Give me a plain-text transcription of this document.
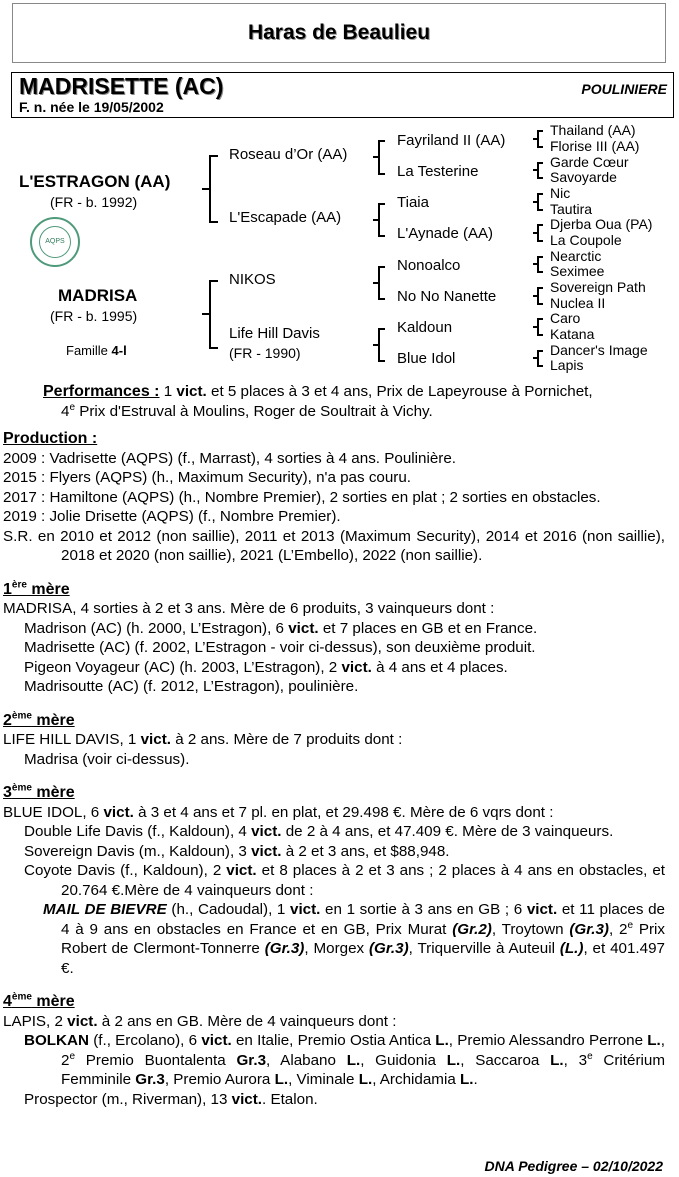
Haras de Beaulieu
MADRISETTE (AC)
F. n. née le 19/05/2002
POULINIERE
L'ESTRAGON (AA)
(FR - b. 1992)
AQPS
MADRISA
(FR - b. 1995)
Famille 4-l
Roseau d’Or (AA)
L'Escapade (AA)
NIKOS
Life Hill Davis
(FR - 1990)
Fayriland II (AA)
La Testerine
Tiaia
L'Aynade (AA)
Nonoalco
No No Nanette
Kaldoun
Blue Idol
Thailand (AA)
Florise III (AA)
Garde Cœur
Savoyarde
Nic
Tautira
Djerba Oua (PA)
La Coupole
Nearctic
Seximee
Sovereign Path
Nuclea II
Caro
Katana
Dancer's Image
Lapis

Performances : 1 vict. et 5 places à 3 et 4 ans, Prix de Lapeyrouse à Pornichet,
4e Prix d'Estruval à Moulins, Roger de Soultrait à Vichy.

Production :

2009 : Vadrisette (AQPS) (f., Marrast), 4 sorties à 4 ans. Poulinière.

2015 : Flyers (AQPS) (h., Maximum Security), n'a pas couru.

2017 : Hamiltone (AQPS) (h., Nombre Premier), 2 sorties en plat ; 2 sorties en obstacles.

2019 : Jolie Drisette (AQPS) (f., Nombre Premier).

S.R. en 2010 et 2012 (non saillie), 2011 et 2013 (Maximum Security), 2014 et 2016 (non saillie), 2018 et 2020 (non saillie), 2021 (L’Embello), 2022 (non saillie).

1ère mère

MADRISA, 4 sorties à 2 et 3 ans. Mère de 6 produits, 3 vainqueurs dont :

Madrison (AC) (h. 2000, L’Estragon), 6 vict. et 7 places en GB et en France.

Madrisette (AC) (f. 2002, L’Estragon - voir ci-dessus), son deuxième produit.

Pigeon Voyageur (AC) (h. 2003, L’Estragon), 2 vict. à 4 ans et 4 places.

Madrisoutte (AC) (f. 2012, L’Estragon), poulinière.

2ème mère

LIFE HILL DAVIS, 1 vict. à 2 ans. Mère de 7 produits dont :

Madrisa (voir ci-dessus).

3ème mère

BLUE IDOL, 6 vict. à 3 et 4 ans et 7 pl. en plat, et 29.498 €. Mère de 6 vqrs dont :

Double Life Davis (f., Kaldoun), 4 vict. de 2 à 4 ans, et 47.409 €. Mère de 3 vainqueurs.

Sovereign Davis (m., Kaldoun), 3 vict. à 2 et 3 ans, et $88,948.

Coyote Davis (f., Kaldoun), 2 vict. et 8 places à 2 et 3 ans ; 2 places à 4 ans en obstacles, et 20.764 €.Mère de 4 vainqueurs dont :

MAIL DE BIEVRE (h., Cadoudal), 1 vict. en 1 sortie à 3 ans en GB ; 6 vict. et 11 places de 4 à 9 ans en obstacles en France et en GB, Prix Murat (Gr.2), Troytown (Gr.3), 2e Prix Robert de Clermont-Tonnerre (Gr.3), Morgex (Gr.3), Triquerville à Auteuil (L.), et 401.497 €.

4ème mère

LAPIS, 2 vict. à 2 ans en GB. Mère de 4 vainqueurs dont :

BOLKAN (f., Ercolano), 6 vict. en Italie, Premio Ostia Antica L., Premio Alessandro Perrone L., 2e Premio Buontalenta Gr.3, Alabano L., Guidonia L., Saccaroa L., 3e Critérium Femminile Gr.3, Premio Aurora L., Viminale L., Archidamia L..

Prospector (m., Riverman), 13 vict.. Etalon.

DNA Pedigree – 02/10/2022
